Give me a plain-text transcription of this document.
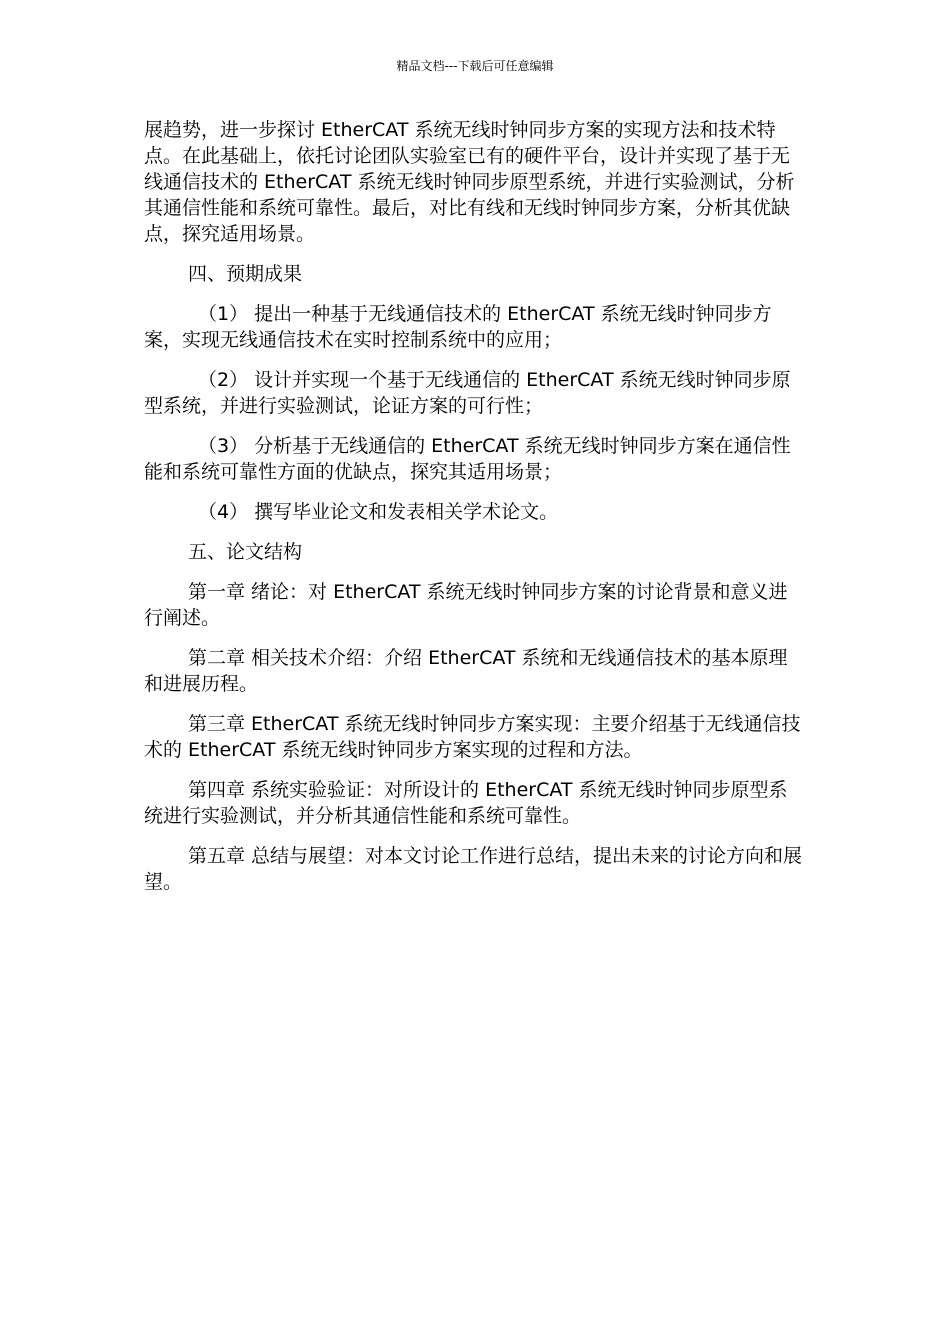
精品文档---下载后可任意编辑

展趋势，进一步探讨 EtherCAT 系统无线时钟同步方案的实现方法和技术特点。在此基础上，依托讨论团队实验室已有的硬件平台，设计并实现了基于无线通信技术的 EtherCAT 系统无线时钟同步原型系统，并进行实验测试，分析其通信性能和系统可靠性。最后，对比有线和无线时钟同步方案，分析其优缺点，探究适用场景。

四、预期成果

（1） 提出一种基于无线通信技术的 EtherCAT 系统无线时钟同步方案，实现无线通信技术在实时控制系统中的应用；

（2） 设计并实现一个基于无线通信的 EtherCAT 系统无线时钟同步原型系统，并进行实验测试，论证方案的可行性；

（3） 分析基于无线通信的 EtherCAT 系统无线时钟同步方案在通信性能和系统可靠性方面的优缺点，探究其适用场景；

（4） 撰写毕业论文和发表相关学术论文。

五、论文结构

第一章 绪论：对 EtherCAT 系统无线时钟同步方案的讨论背景和意义进行阐述。

第二章 相关技术介绍：介绍 EtherCAT 系统和无线通信技术的基本原理和进展历程。

第三章 EtherCAT 系统无线时钟同步方案实现：主要介绍基于无线通信技术的 EtherCAT 系统无线时钟同步方案实现的过程和方法。

第四章 系统实验验证：对所设计的 EtherCAT 系统无线时钟同步原型系统进行实验测试，并分析其通信性能和系统可靠性。

第五章 总结与展望：对本文讨论工作进行总结，提出未来的讨论方向和展望。
